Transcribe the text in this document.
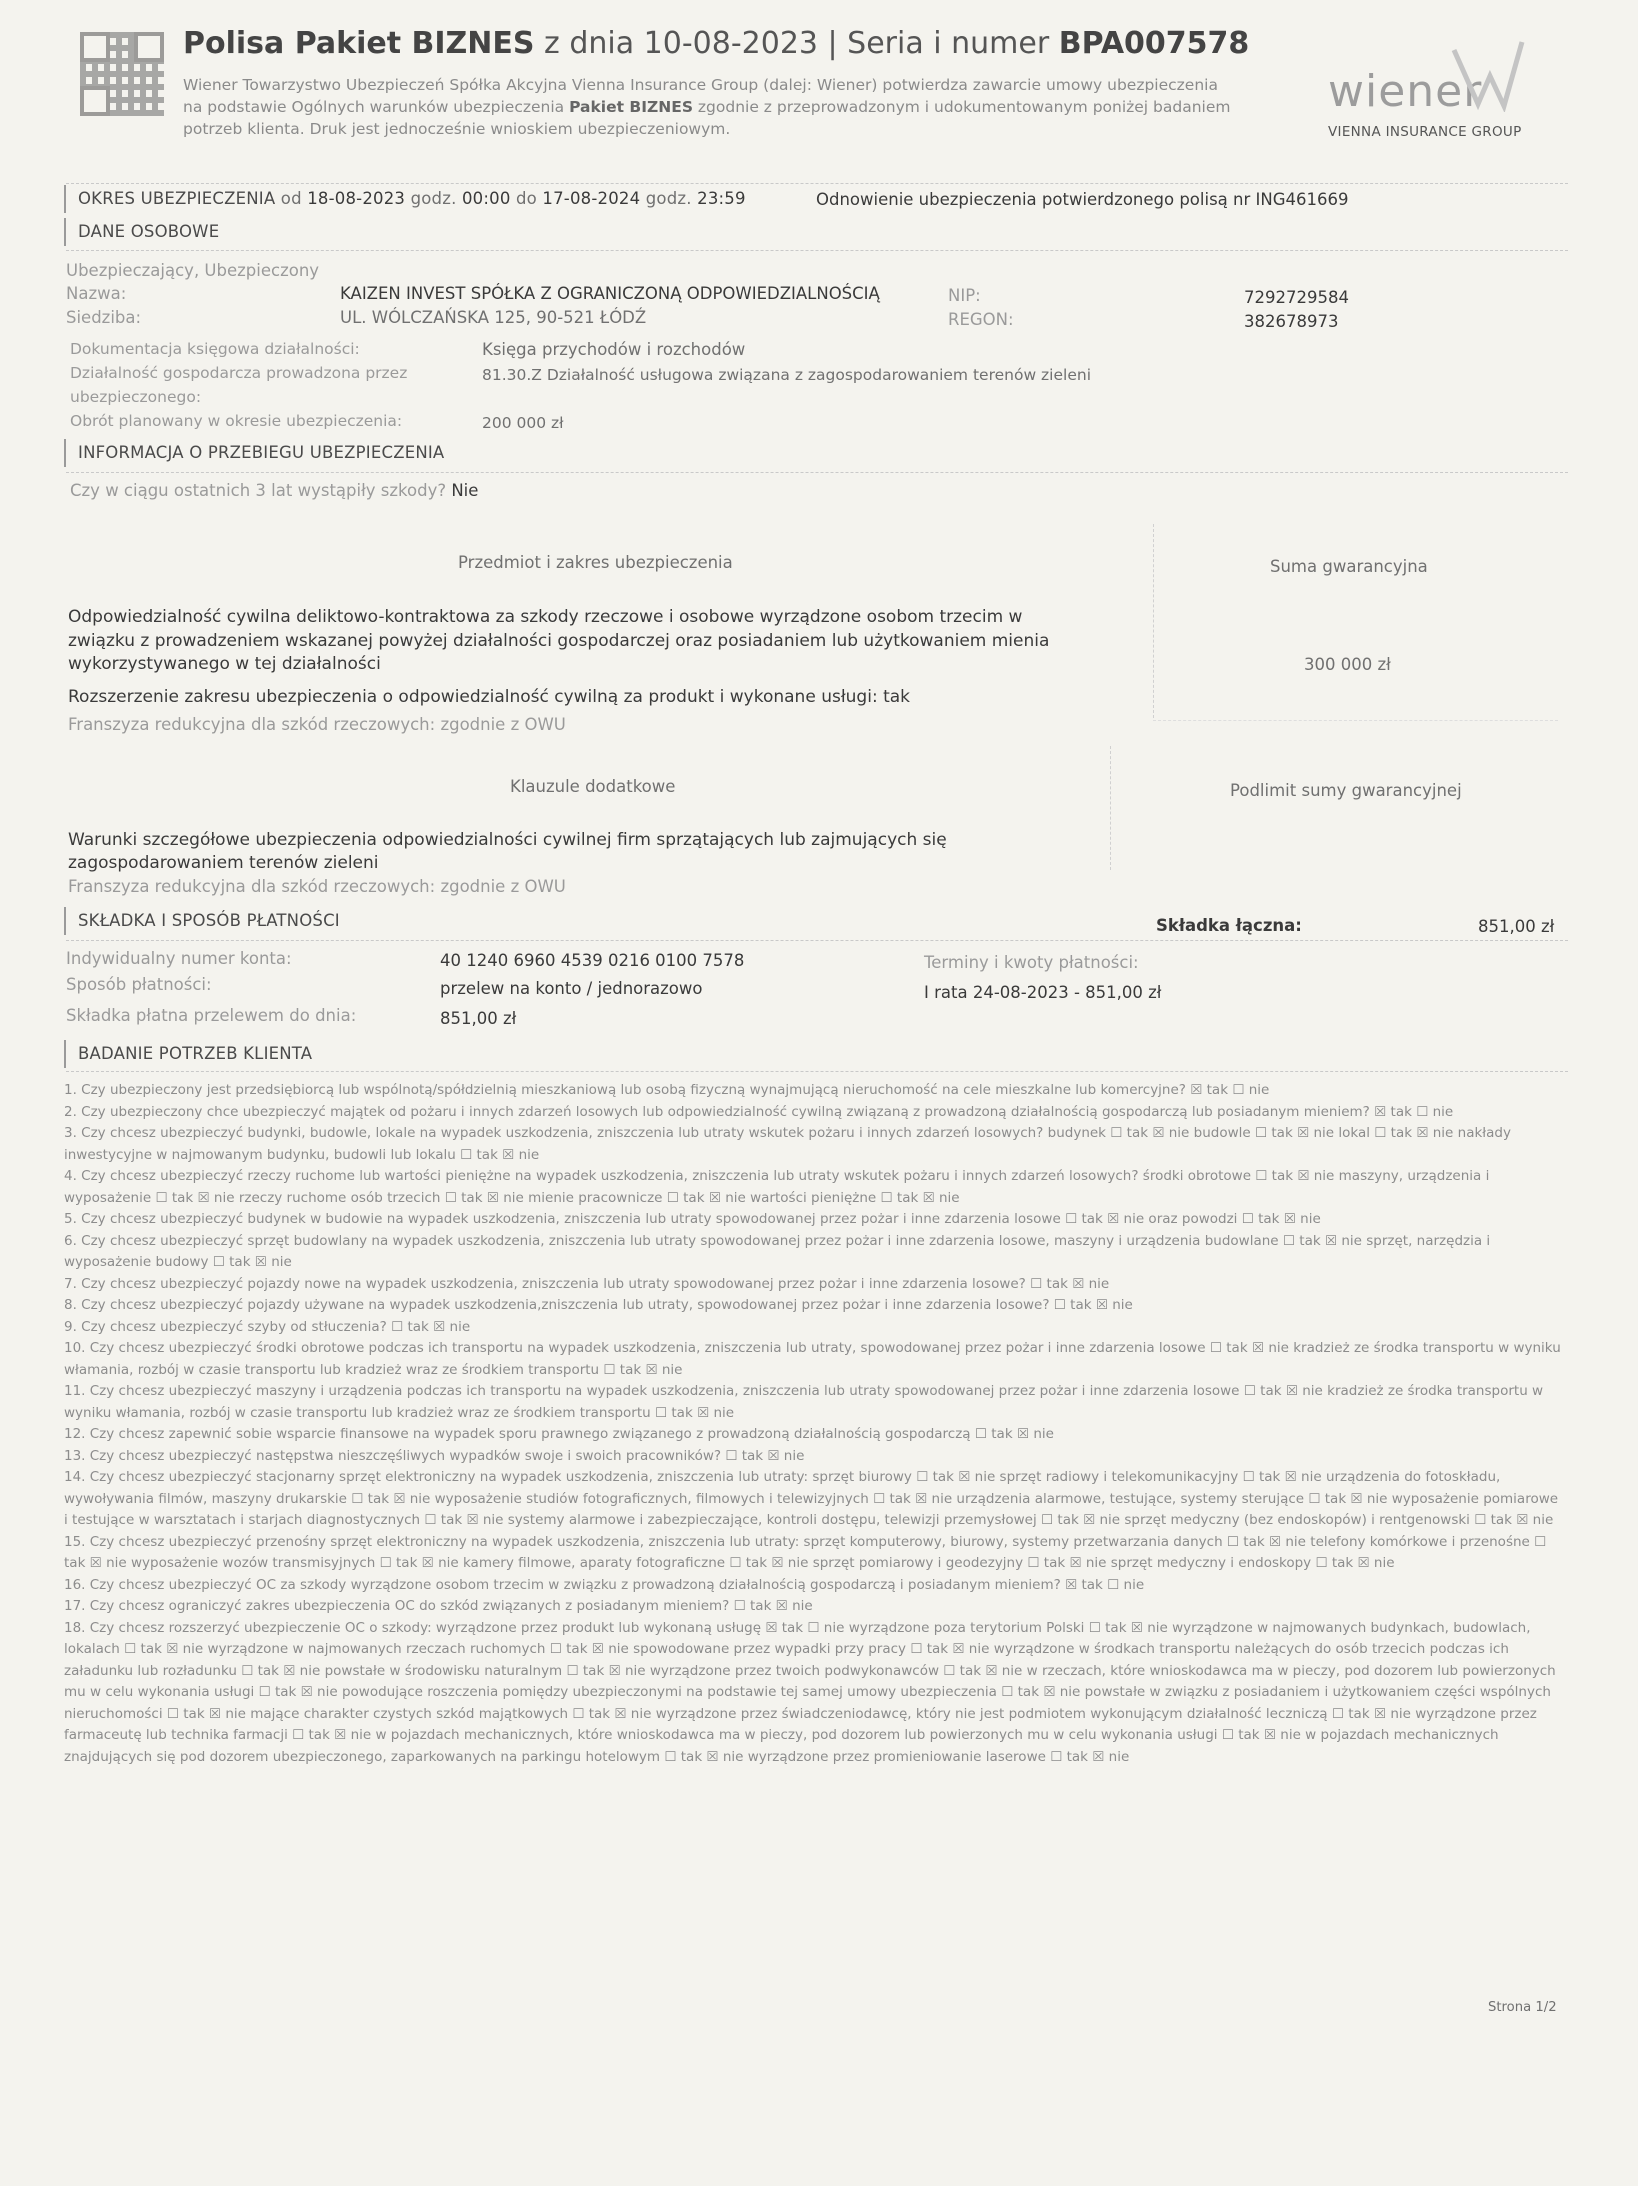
Polisa Pakiet BIZNES z dnia 10-08-2023 | Seria i numer BPA007578
Wiener Towarzystwo Ubezpieczeń Spółka Akcyjna Vienna Insurance Group (dalej: Wiener) potwierdza zawarcie umowy ubezpieczenia
na podstawie Ogólnych warunków ubezpieczenia Pakiet BIZNES zgodnie z przeprowadzonym i udokumentowanym poniżej badaniem
potrzeb klienta. Druk jest jednocześnie wnioskiem ubezpieczeniowym.
wiener
VIENNA INSURANCE GROUP
OKRES UBEZPIECZENIA od 18-08-2023 godz. 00:00 do 17-08-2024 godz. 23:59	Odnowienie ubezpieczenia potwierdzonego polisą nr ING461669
DANE OSOBOWE
Ubezpieczający, Ubezpieczony
Nazwa:	KAIZEN INVEST SPÓŁKA Z OGRANICZONĄ ODPOWIEDZIALNOŚCIĄ	NIP:	7292729584
Siedziba:	UL. WÓLCZAŃSKA 125, 90-521 ŁÓDŹ	REGON:	382678973
Dokumentacja księgowa działalności:	Księga przychodów i rozchodów
Działalność gospodarcza prowadzona przez
ubezpieczonego:
81.30.Z Działalność usługowa związana z zagospodarowaniem terenów zieleni
Obrót planowany w okresie ubezpieczenia:	200 000 zł
INFORMACJA O PRZEBIEGU UBEZPIECZENIA
Czy w ciągu ostatnich 3 lat wystąpiły szkody? Nie
Przedmiot i zakres ubezpieczenia	Suma gwarancyjna
Odpowiedzialność cywilna deliktowo-kontraktowa za szkody rzeczowe i osobowe wyrządzone osobom trzecim w
związku z prowadzeniem wskazanej powyżej działalności gospodarczej oraz posiadaniem lub użytkowaniem mienia
wykorzystywanego w tej działalności	300 000 zł
Rozszerzenie zakresu ubezpieczenia o odpowiedzialność cywilną za produkt i wykonane usługi: tak
Franszyza redukcyjna dla szkód rzeczowych: zgodnie z OWU
Klauzule dodatkowe	Podlimit sumy gwarancyjnej
Warunki szczegółowe ubezpieczenia odpowiedzialności cywilnej firm sprzątających lub zajmujących się
zagospodarowaniem terenów zieleni
Franszyza redukcyjna dla szkód rzeczowych: zgodnie z OWU
SKŁADKA I SPOSÓB PŁATNOŚCI	Składka łączna:	851,00 zł
Indywidualny numer konta:	40 1240 6960 4539 0216 0100 7578	Terminy i kwoty płatności:
Sposób płatności:	przelew na konto / jednorazowo	I rata 24-08-2023 - 851,00 zł
Składka płatna przelewem do dnia:	851,00 zł
BADANIE POTRZEB KLIENTA
1. Czy ubezpieczony jest przedsiębiorcą lub wspólnotą/spółdzielnią mieszkaniową lub osobą fizyczną wynajmującą nieruchomość na cele mieszkalne lub komercyjne? ☒ tak ☐ nie
2. Czy ubezpieczony chce ubezpieczyć majątek od pożaru i innych zdarzeń losowych lub odpowiedzialność cywilną związaną z prowadzoną działalnością gospodarczą lub posiadanym mieniem? ☒ tak ☐ nie
3. Czy chcesz ubezpieczyć budynki, budowle, lokale na wypadek uszkodzenia, zniszczenia lub utraty wskutek pożaru i innych zdarzeń losowych? budynek ☐ tak ☒ nie budowle ☐ tak ☒ nie lokal ☐ tak ☒ nie nakłady inwestycyjne w najmowanym budynku, budowli lub lokalu ☐ tak ☒ nie
4. Czy chcesz ubezpieczyć rzeczy ruchome lub wartości pieniężne na wypadek uszkodzenia, zniszczenia lub utraty wskutek pożaru i innych zdarzeń losowych? środki obrotowe ☐ tak ☒ nie maszyny, urządzenia i wyposażenie ☐ tak ☒ nie rzeczy ruchome osób trzecich ☐ tak ☒ nie mienie pracownicze ☐ tak ☒ nie wartości pieniężne ☐ tak ☒ nie
5. Czy chcesz ubezpieczyć budynek w budowie na wypadek uszkodzenia, zniszczenia lub utraty spowodowanej przez pożar i inne zdarzenia losowe ☐ tak ☒ nie oraz powodzi ☐ tak ☒ nie
6. Czy chcesz ubezpieczyć sprzęt budowlany na wypadek uszkodzenia, zniszczenia lub utraty spowodowanej przez pożar i inne zdarzenia losowe, maszyny i urządzenia budowlane ☐ tak ☒ nie sprzęt, narzędzia i wyposażenie budowy ☐ tak ☒ nie
7. Czy chcesz ubezpieczyć pojazdy nowe na wypadek uszkodzenia, zniszczenia lub utraty spowodowanej przez pożar i inne zdarzenia losowe? ☐ tak ☒ nie
8. Czy chcesz ubezpieczyć pojazdy używane na wypadek uszkodzenia,zniszczenia lub utraty, spowodowanej przez pożar i inne zdarzenia losowe? ☐ tak ☒ nie
9. Czy chcesz ubezpieczyć szyby od stłuczenia? ☐ tak ☒ nie
10. Czy chcesz ubezpieczyć środki obrotowe podczas ich transportu na wypadek uszkodzenia, zniszczenia lub utraty, spowodowanej przez pożar i inne zdarzenia losowe ☐ tak ☒ nie kradzież ze środka transportu w wyniku włamania, rozbój w czasie transportu lub kradzież wraz ze środkiem transportu ☐ tak ☒ nie
11. Czy chcesz ubezpieczyć maszyny i urządzenia podczas ich transportu na wypadek uszkodzenia, zniszczenia lub utraty spowodowanej przez pożar i inne zdarzenia losowe ☐ tak ☒ nie kradzież ze środka transportu w wyniku włamania, rozbój w czasie transportu lub kradzież wraz ze środkiem transportu ☐ tak ☒ nie
12. Czy chcesz zapewnić sobie wsparcie finansowe na wypadek sporu prawnego związanego z prowadzoną działalnością gospodarczą ☐ tak ☒ nie
13. Czy chcesz ubezpieczyć następstwa nieszczęśliwych wypadków swoje i swoich pracowników? ☐ tak ☒ nie
14. Czy chcesz ubezpieczyć stacjonarny sprzęt elektroniczny na wypadek uszkodzenia, zniszczenia lub utraty: sprzęt biurowy ☐ tak ☒ nie sprzęt radiowy i telekomunikacyjny ☐ tak ☒ nie urządzenia do fotoskładu, wywoływania filmów, maszyny drukarskie ☐ tak ☒ nie wyposażenie studiów fotograficznych, filmowych i telewizyjnych ☐ tak ☒ nie urządzenia alarmowe, testujące, systemy sterujące ☐ tak ☒ nie wyposażenie pomiarowe i testujące w warsztatach i starjach diagnostycznych ☐ tak ☒ nie systemy alarmowe i zabezpieczające, kontroli dostępu, telewizji przemysłowej ☐ tak ☒ nie sprzęt medyczny (bez endoskopów) i rentgenowski ☐ tak ☒ nie
15. Czy chcesz ubezpieczyć przenośny sprzęt elektroniczny na wypadek uszkodzenia, zniszczenia lub utraty: sprzęt komputerowy, biurowy, systemy przetwarzania danych ☐ tak ☒ nie telefony komórkowe i przenośne ☐ tak ☒ nie wyposażenie wozów transmisyjnych ☐ tak ☒ nie kamery filmowe, aparaty fotograficzne ☐ tak ☒ nie sprzęt pomiarowy i geodezyjny ☐ tak ☒ nie sprzęt medyczny i endoskopy ☐ tak ☒ nie
16. Czy chcesz ubezpieczyć OC za szkody wyrządzone osobom trzecim w związku z prowadzoną działalnością gospodarczą i posiadanym mieniem? ☒ tak ☐ nie
17. Czy chcesz ograniczyć zakres ubezpieczenia OC do szkód związanych z posiadanym mieniem? ☐ tak ☒ nie
18. Czy chcesz rozszerzyć ubezpieczenie OC o szkody: wyrządzone przez produkt lub wykonaną usługę ☒ tak ☐ nie wyrządzone poza terytorium Polski ☐ tak ☒ nie wyrządzone w najmowanych budynkach, budowlach, lokalach ☐ tak ☒ nie wyrządzone w najmowanych rzeczach ruchomych ☐ tak ☒ nie spowodowane przez wypadki przy pracy ☐ tak ☒ nie wyrządzone w środkach transportu należących do osób trzecich podczas ich załadunku lub rozładunku ☐ tak ☒ nie powstałe w środowisku naturalnym ☐ tak ☒ nie wyrządzone przez twoich podwykonawców ☐ tak ☒ nie w rzeczach, które wnioskodawca ma w pieczy, pod dozorem lub powierzonych mu w celu wykonania usługi ☐ tak ☒ nie powodujące roszczenia pomiędzy ubezpieczonymi na podstawie tej samej umowy ubezpieczenia ☐ tak ☒ nie powstałe w związku z posiadaniem i użytkowaniem części wspólnych nieruchomości ☐ tak ☒ nie mające charakter czystych szkód majątkowych ☐ tak ☒ nie wyrządzone przez świadczeniodawcę, który nie jest podmiotem wykonującym działalność leczniczą ☐ tak ☒ nie wyrządzone przez farmaceutę lub technika farmacji ☐ tak ☒ nie w pojazdach mechanicznych, które wnioskodawca ma w pieczy, pod dozorem lub powierzonych mu w celu wykonania usługi ☐ tak ☒ nie w pojazdach mechanicznych znajdujących się pod dozorem ubezpieczonego, zaparkowanych na parkingu hotelowym ☐ tak ☒ nie wyrządzone przez promieniowanie laserowe ☐ tak ☒ nie
Strona 1/2
